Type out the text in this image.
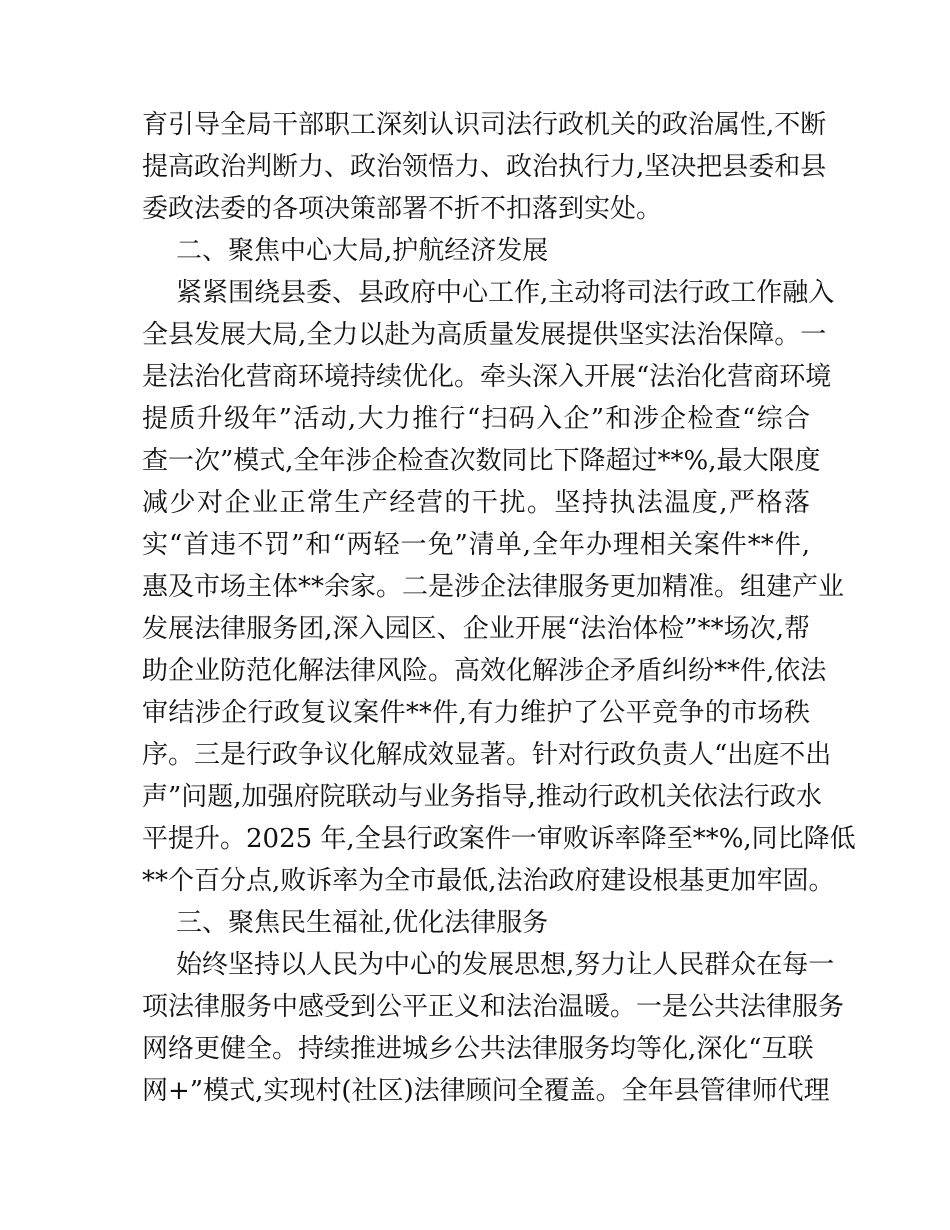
育引导全局干部职工深刻认识司法行政机关的政治属性,不断
提高政治判断力、政治领悟力、政治执行力,坚决把县委和县
委政法委的各项决策部署不折不扣落到实处。
二、聚焦中心大局,护航经济发展
紧紧围绕县委、县政府中心工作,主动将司法行政工作融入
全县发展大局,全力以赴为高质量发展提供坚实法治保障。一
是法治化营商环境持续优化。牵头深入开展“法治化营商环境
提质升级年”活动,大力推行“扫码入企”和涉企检查“综合
查一次”模式,全年涉企检查次数同比下降超过**%,最大限度
减少对企业正常生产经营的干扰。坚持执法温度,严格落
实“首违不罚”和“两轻一免”清单,全年办理相关案件**件,
惠及市场主体**余家。二是涉企法律服务更加精准。组建产业
发展法律服务团,深入园区、企业开展“法治体检”**场次,帮
助企业防范化解法律风险。高效化解涉企矛盾纠纷**件,依法
审结涉企行政复议案件**件,有力维护了公平竞争的市场秩
序。三是行政争议化解成效显著。针对行政负责人“出庭不出
声”问题,加强府院联动与业务指导,推动行政机关依法行政水
平提升。2025 年,全县行政案件一审败诉率降至**%,同比降低
**个百分点,败诉率为全市最低,法治政府建设根基更加牢固。
三、聚焦民生福祉,优化法律服务
始终坚持以人民为中心的发展思想,努力让人民群众在每一
项法律服务中感受到公平正义和法治温暖。一是公共法律服务
网络更健全。持续推进城乡公共法律服务均等化,深化“互联
网+”模式,实现村(社区)法律顾问全覆盖。全年县管律师代理
